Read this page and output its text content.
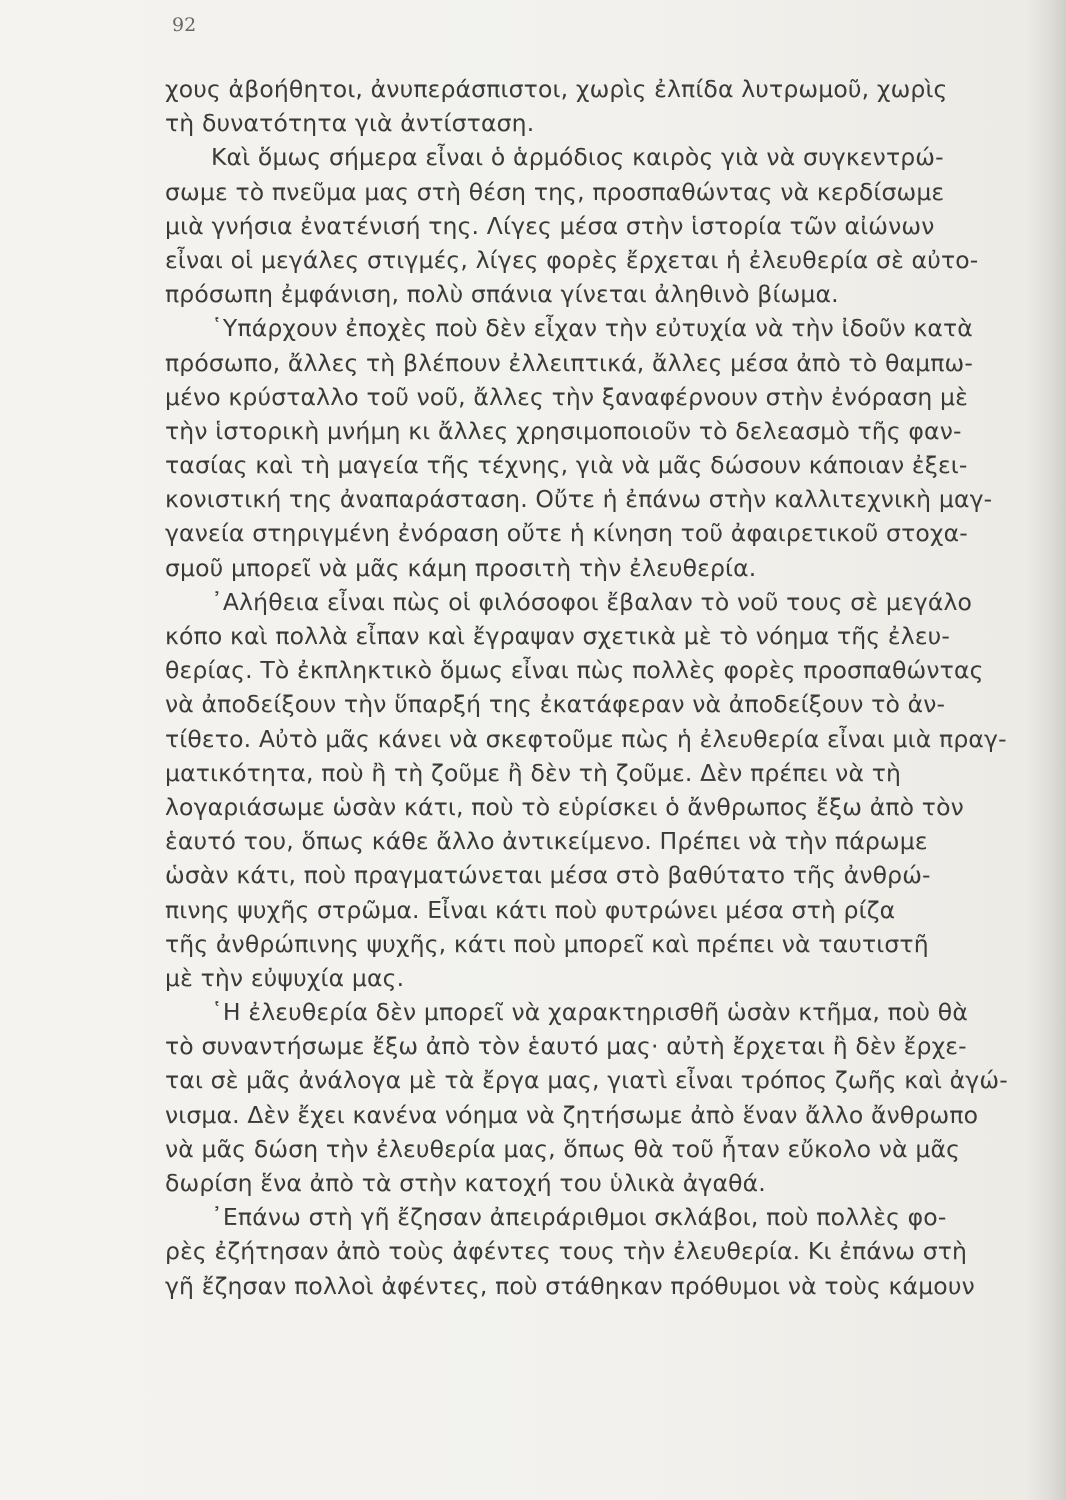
92
χους ἀβοήθητοι, ἀνυπεράσπιστοι, χωρὶς ἐλπίδα λυτρωμοῦ, χωρὶς
τὴ δυνατότητα γιὰ ἀντίσταση.
Καὶ ὅμως σήμερα εἶναι ὁ ἁρμόδιος καιρὸς γιὰ νὰ συγκεντρώ-
σωμε τὸ πνεῦμα μας στὴ θέση της, προσπαθώντας νὰ κερδίσωμε
μιὰ γνήσια ἐνατένισή της. Λίγες μέσα στὴν ἱστορία τῶν αἰώνων
εἶναι οἱ μεγάλες στιγμές, λίγες φορὲς ἔρχεται ἡ ἐλευθερία σὲ αὐτο-
πρόσωπη ἐμφάνιση, πολὺ σπάνια γίνεται ἀληθινὸ βίωμα.
῾Υπάρχουν ἐποχὲς ποὺ δὲν εἶχαν τὴν εὐτυχία νὰ τὴν ἰδοῦν κατὰ
πρόσωπο, ἄλλες τὴ βλέπουν ἐλλειπτικά, ἄλλες μέσα ἀπὸ τὸ θαμπω-
μένο κρύσταλλο τοῦ νοῦ, ἄλλες τὴν ξαναφέρνουν στὴν ἐνόραση μὲ
τὴν ἱστορικὴ μνήμη κι ἄλλες χρησιμοποιοῦν τὸ δελεασμὸ τῆς φαν-
τασίας καὶ τὴ μαγεία τῆς τέχνης, γιὰ νὰ μᾶς δώσουν κάποιαν ἐξει-
κονιστική της ἀναπαράσταση. Οὔτε ἡ ἐπάνω στὴν καλλιτεχνικὴ μαγ-
γανεία στηριγμένη ἐνόραση οὔτε ἡ κίνηση τοῦ ἀφαιρετικοῦ στοχα-
σμοῦ μπορεῖ νὰ μᾶς κάμη προσιτὴ τὴν ἐλευθερία.
᾿Αλήθεια εἶναι πὼς οἱ φιλόσοφοι ἔβαλαν τὸ νοῦ τους σὲ μεγάλο
κόπο καὶ πολλὰ εἶπαν καὶ ἔγραψαν σχετικὰ μὲ τὸ νόημα τῆς ἐλευ-
θερίας. Τὸ ἐκπληκτικὸ ὅμως εἶναι πὼς πολλὲς φορὲς προσπαθώντας
νὰ ἀποδείξουν τὴν ὕπαρξή της ἐκατάφεραν νὰ ἀποδείξουν τὸ ἀν-
τίθετο. Αὐτὸ μᾶς κάνει νὰ σκεφτοῦμε πὼς ἡ ἐλευθερία εἶναι μιὰ πραγ-
ματικότητα, ποὺ ἢ τὴ ζοῦμε ἢ δὲν τὴ ζοῦμε. Δὲν πρέπει νὰ τὴ
λογαριάσωμε ὡσὰν κάτι, ποὺ τὸ εὑρίσκει ὁ ἄνθρωπος ἔξω ἀπὸ τὸν
ἑαυτό του, ὅπως κάθε ἄλλο ἀντικείμενο. Πρέπει νὰ τὴν πάρωμε
ὡσὰν κάτι, ποὺ πραγματώνεται μέσα στὸ βαθύτατο τῆς ἀνθρώ-
πινης ψυχῆς στρῶμα. Εἶναι κάτι ποὺ φυτρώνει μέσα στὴ ρίζα
τῆς ἀνθρώπινης ψυχῆς, κάτι ποὺ μπορεῖ καὶ πρέπει νὰ ταυτιστῆ
μὲ τὴν εὐψυχία μας.
῾Η ἐλευθερία δὲν μπορεῖ νὰ χαρακτηρισθῆ ὡσὰν κτῆμα, ποὺ θὰ
τὸ συναντήσωμε ἔξω ἀπὸ τὸν ἑαυτό μας· αὐτὴ ἔρχεται ἢ δὲν ἔρχε-
ται σὲ μᾶς ἀνάλογα μὲ τὰ ἔργα μας, γιατὶ εἶναι τρόπος ζωῆς καὶ ἀγώ-
νισμα. Δὲν ἔχει κανένα νόημα νὰ ζητήσωμε ἀπὸ ἕναν ἄλλο ἄνθρωπο
νὰ μᾶς δώση τὴν ἐλευθερία μας, ὅπως θὰ τοῦ ἦταν εὔκολο νὰ μᾶς
δωρίση ἕνα ἀπὸ τὰ στὴν κατοχή του ὑλικὰ ἀγαθά.
᾿Επάνω στὴ γῆ ἔζησαν ἀπειράριθμοι σκλάβοι, ποὺ πολλὲς φο-
ρὲς ἐζήτησαν ἀπὸ τοὺς ἀφέντες τους τὴν ἐλευθερία. Κι ἐπάνω στὴ
γῆ ἔζησαν πολλοὶ ἀφέντες, ποὺ στάθηκαν πρόθυμοι νὰ τοὺς κάμουν
